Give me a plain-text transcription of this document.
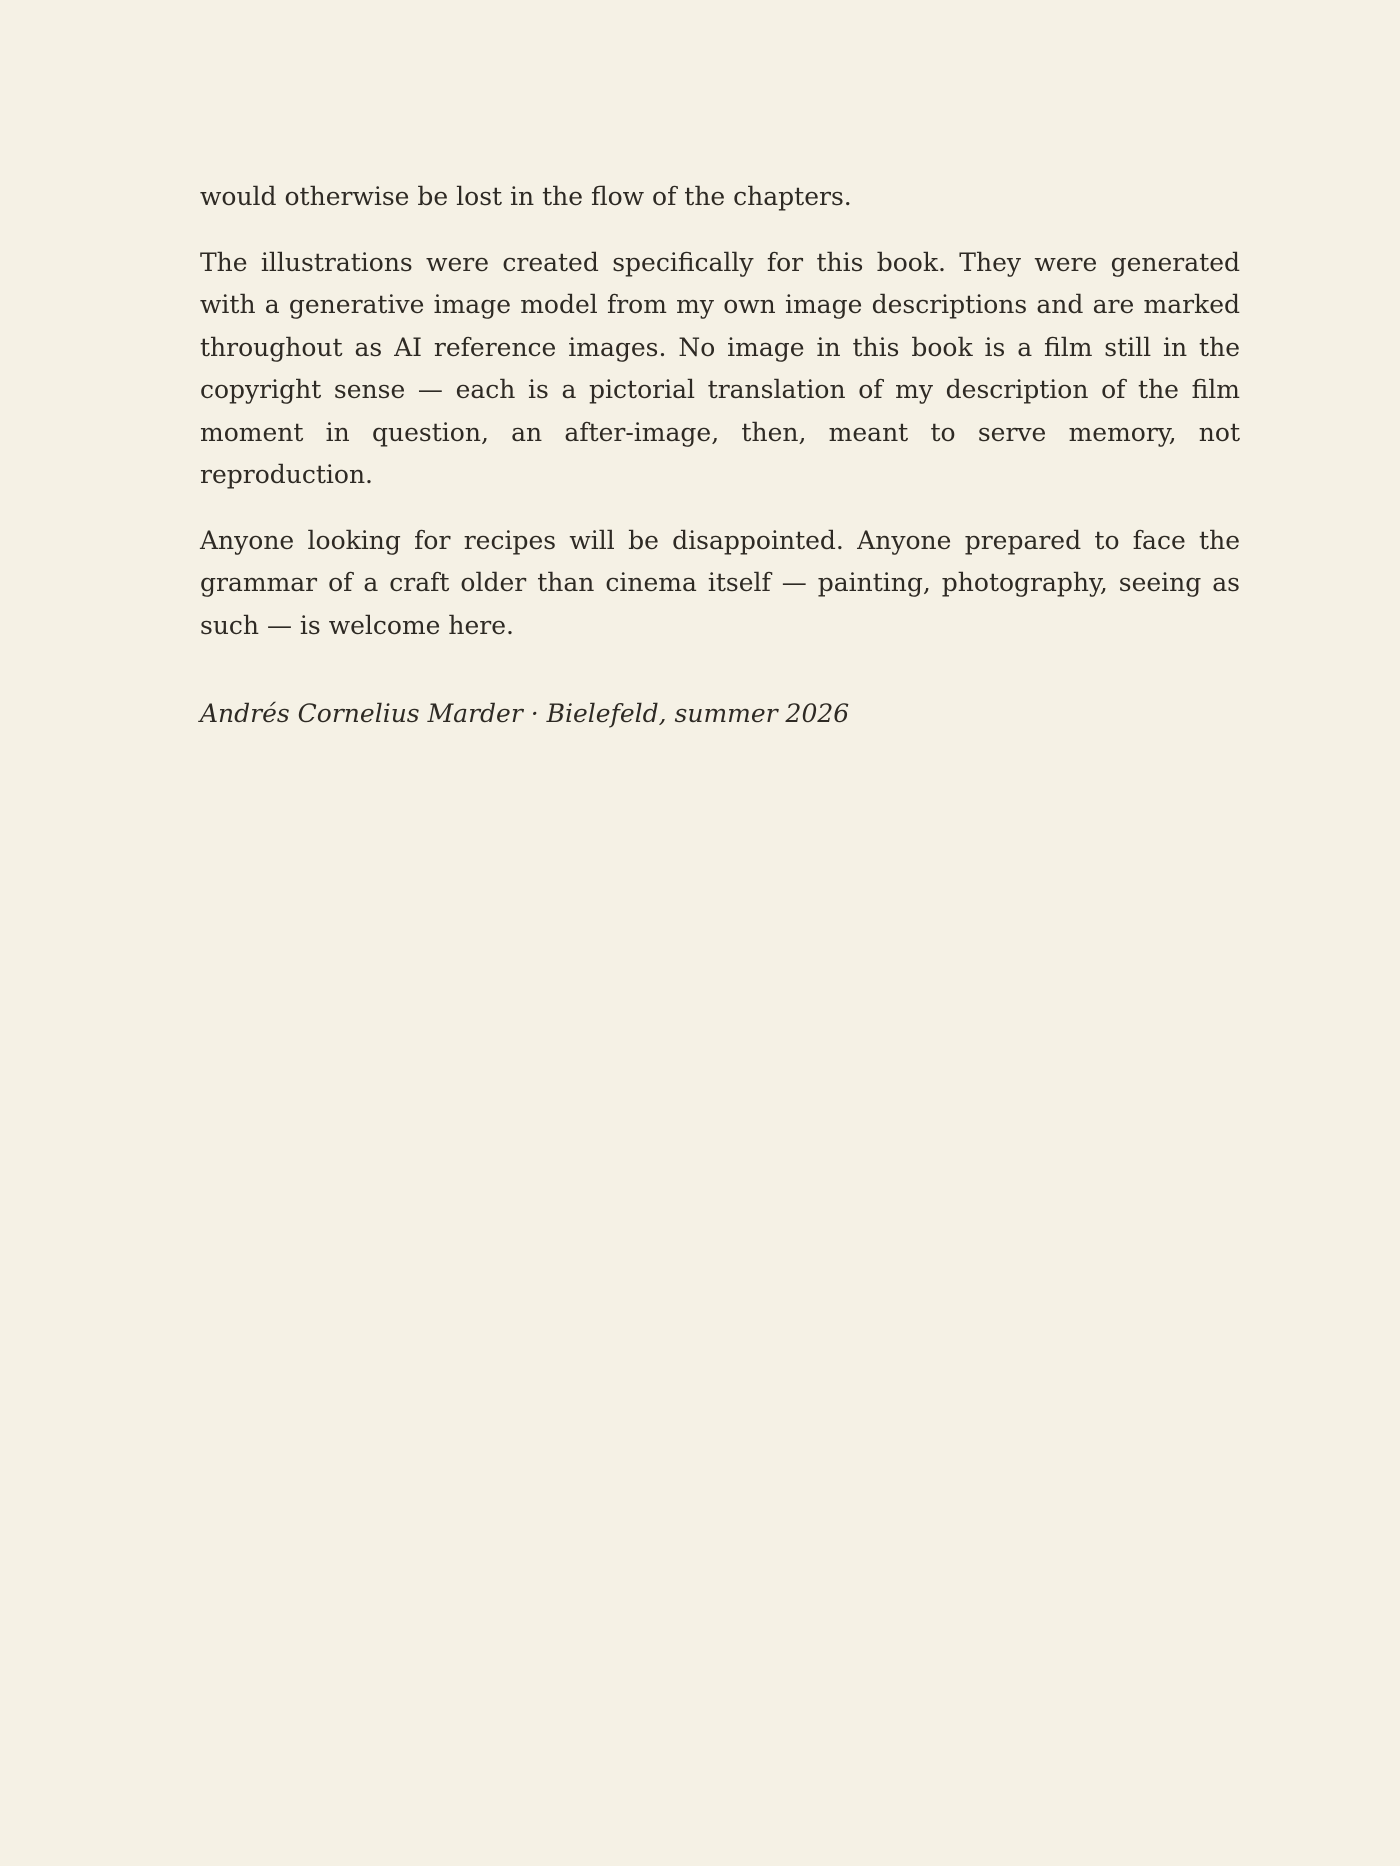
would otherwise be lost in the flow of the chapters.

The illustrations were created specifically for this book. They were generated with a generative image model from my own image descriptions and are marked throughout as AI reference images. No image in this book is a film still in the copyright sense — each is a pictorial translation of my description of the film moment in question, an after-image, then, meant to serve memory, not reproduction.

Anyone looking for recipes will be disappointed. Anyone prepared to face the grammar of a craft older than cinema itself — painting, photography, seeing as such — is welcome here.

Andrés Cornelius Marder · Bielefeld, summer 2026
